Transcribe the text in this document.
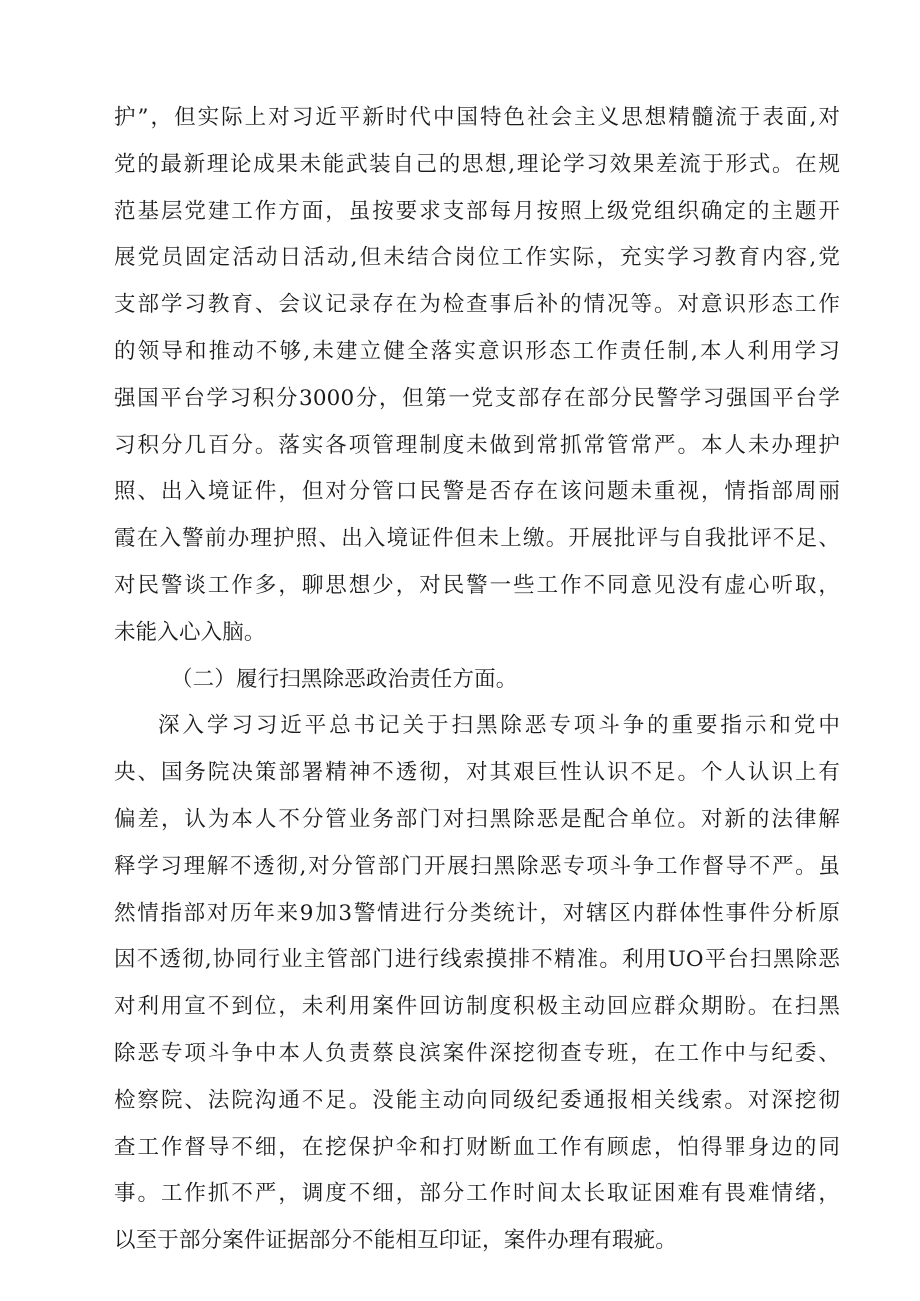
护”，但实际上对习近平新时代中国特色社会主义思想精髓流于表面,对
党的最新理论成果未能武装自己的思想,理论学习效果差流于形式。在规
范基层党建工作方面，虽按要求支部每月按照上级党组织确定的主题开
展党员固定活动日活动,但未结合岗位工作实际，充实学习教育内容,党
支部学习教育、会议记录存在为检查事后补的情况等。对意识形态工作
的领导和推动不够,未建立健全落实意识形态工作责任制,本人利用学习
强国平台学习积分3000分，但第一党支部存在部分民警学习强国平台学
习积分几百分。落实各项管理制度未做到常抓常管常严。本人未办理护
照、出入境证件，但对分管口民警是否存在该问题未重视，情指部周丽
霞在入警前办理护照、出入境证件但未上缴。开展批评与自我批评不足、
对民警谈工作多，聊思想少，对民警一些工作不同意见没有虚心听取，
未能入心入脑。
（二）履行扫黑除恶政治责任方面。
深入学习习近平总书记关于扫黑除恶专项斗争的重要指示和党中
央、国务院决策部署精神不透彻，对其艰巨性认识不足。个人认识上有
偏差，认为本人不分管业务部门对扫黑除恶是配合单位。对新的法律解
释学习理解不透彻,对分管部门开展扫黑除恶专项斗争工作督导不严。虽
然情指部对历年来9加3警情进行分类统计，对辖区内群体性事件分析原
因不透彻,协同行业主管部门进行线索摸排不精准。利用UO平台扫黑除恶
对利用宣不到位，未利用案件回访制度积极主动回应群众期盼。在扫黑
除恶专项斗争中本人负责蔡良滨案件深挖彻查专班，在工作中与纪委、
检察院、法院沟通不足。没能主动向同级纪委通报相关线索。对深挖彻
查工作督导不细，在挖保护伞和打财断血工作有顾虑，怕得罪身边的同
事。工作抓不严，调度不细，部分工作时间太长取证困难有畏难情绪，
以至于部分案件证据部分不能相互印证，案件办理有瑕疵。
